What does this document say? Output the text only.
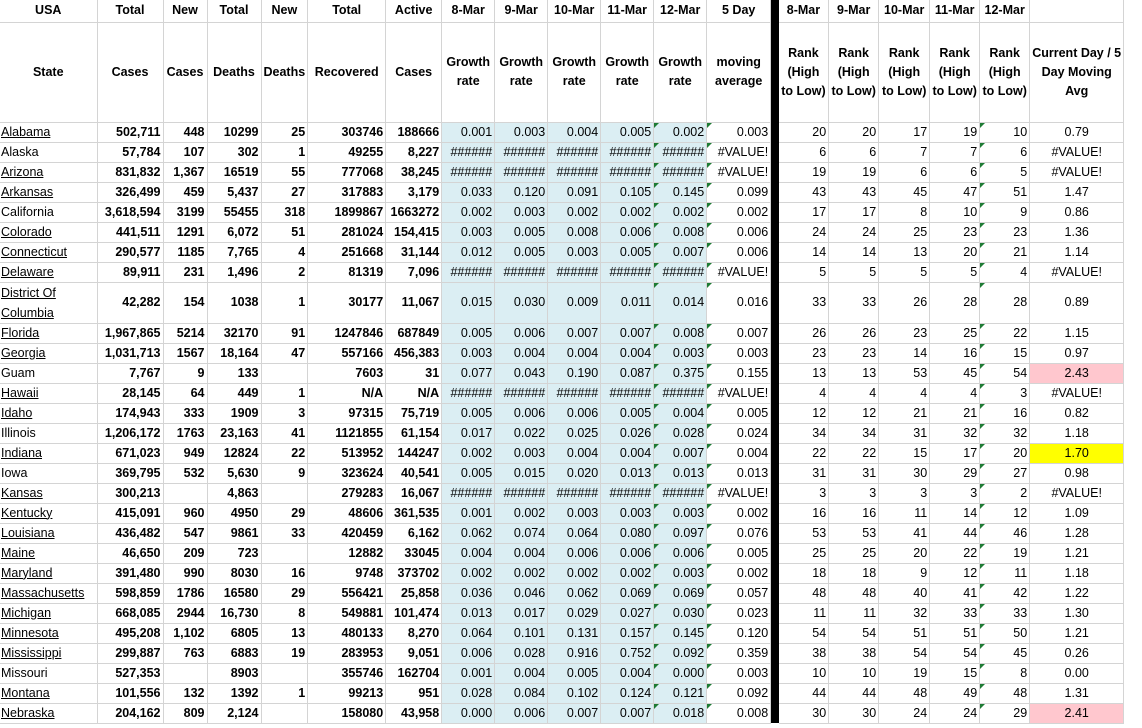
USA	Total	New	Total	New	Total	Active	8-Mar	9-Mar	10-Mar	11-Mar	12-Mar	5 Day		8-Mar	9-Mar	10-Mar	11-Mar	12-Mar	
State	Cases	Cases	Deaths	Deaths	Recovered	Cases	Growth rate	Growth rate	Growth rate	Growth rate	Growth rate	moving average		Rank (High to Low)	Rank (High to Low)	Rank (High to Low)	Rank (High to Low)	Rank (High to Low)	Current Day / 5 Day Moving Avg
Alabama	502,711	448	10299	25	303746	188666	0.001	0.003	0.004	0.005	0.002	0.003		20	20	17	19	10	0.79
Alaska	57,784	107	302	1	49255	8,227	######	######	######	######	######	#VALUE!		6	6	7	7	6	#VALUE!
Arizona	831,832	1,367	16519	55	777068	38,245	######	######	######	######	######	#VALUE!		19	19	6	6	5	#VALUE!
Arkansas	326,499	459	5,437	27	317883	3,179	0.033	0.120	0.091	0.105	0.145	0.099		43	43	45	47	51	1.47
California	3,618,594	3199	55455	318	1899867	1663272	0.002	0.003	0.002	0.002	0.002	0.002		17	17	8	10	9	0.86
Colorado	441,511	1291	6,072	51	281024	154,415	0.003	0.005	0.008	0.006	0.008	0.006		24	24	25	23	23	1.36
Connecticut	290,577	1185	7,765	4	251668	31,144	0.012	0.005	0.003	0.005	0.007	0.006		14	14	13	20	21	1.14
Delaware	89,911	231	1,496	2	81319	7,096	######	######	######	######	######	#VALUE!		5	5	5	5	4	#VALUE!
District Of Columbia	42,282	154	1038	1	30177	11,067	0.015	0.030	0.009	0.011	0.014	0.016		33	33	26	28	28	0.89
Florida	1,967,865	5214	32170	91	1247846	687849	0.005	0.006	0.007	0.007	0.008	0.007		26	26	23	25	22	1.15
Georgia	1,031,713	1567	18,164	47	557166	456,383	0.003	0.004	0.004	0.004	0.003	0.003		23	23	14	16	15	0.97
Guam	7,767	9	133		7603	31	0.077	0.043	0.190	0.087	0.375	0.155		13	13	53	45	54	2.43
Hawaii	28,145	64	449	1	N/A	N/A	######	######	######	######	######	#VALUE!		4	4	4	4	3	#VALUE!
Idaho	174,943	333	1909	3	97315	75,719	0.005	0.006	0.006	0.005	0.004	0.005		12	12	21	21	16	0.82
Illinois	1,206,172	1763	23,163	41	1121855	61,154	0.017	0.022	0.025	0.026	0.028	0.024		34	34	31	32	32	1.18
Indiana	671,023	949	12824	22	513952	144247	0.002	0.003	0.004	0.004	0.007	0.004		22	22	15	17	20	1.70
Iowa	369,795	532	5,630	9	323624	40,541	0.005	0.015	0.020	0.013	0.013	0.013		31	31	30	29	27	0.98
Kansas	300,213		4,863		279283	16,067	######	######	######	######	######	#VALUE!		3	3	3	3	2	#VALUE!
Kentucky	415,091	960	4950	29	48606	361,535	0.001	0.002	0.003	0.003	0.003	0.002		16	16	11	14	12	1.09
Louisiana	436,482	547	9861	33	420459	6,162	0.062	0.074	0.064	0.080	0.097	0.076		53	53	41	44	46	1.28
Maine	46,650	209	723		12882	33045	0.004	0.004	0.006	0.006	0.006	0.005		25	25	20	22	19	1.21
Maryland	391,480	990	8030	16	9748	373702	0.002	0.002	0.002	0.002	0.003	0.002		18	18	9	12	11	1.18
Massachusetts	598,859	1786	16580	29	556421	25,858	0.036	0.046	0.062	0.069	0.069	0.057		48	48	40	41	42	1.22
Michigan	668,085	2944	16,730	8	549881	101,474	0.013	0.017	0.029	0.027	0.030	0.023		11	11	32	33	33	1.30
Minnesota	495,208	1,102	6805	13	480133	8,270	0.064	0.101	0.131	0.157	0.145	0.120		54	54	51	51	50	1.21
Mississippi	299,887	763	6883	19	283953	9,051	0.006	0.028	0.916	0.752	0.092	0.359		38	38	54	54	45	0.26
Missouri	527,353		8903		355746	162704	0.001	0.004	0.005	0.004	0.000	0.003		10	10	19	15	8	0.00
Montana	101,556	132	1392	1	99213	951	0.028	0.084	0.102	0.124	0.121	0.092		44	44	48	49	48	1.31
Nebraska	204,162	809	2,124		158080	43,958	0.000	0.006	0.007	0.007	0.018	0.008		30	30	24	24	29	2.41
